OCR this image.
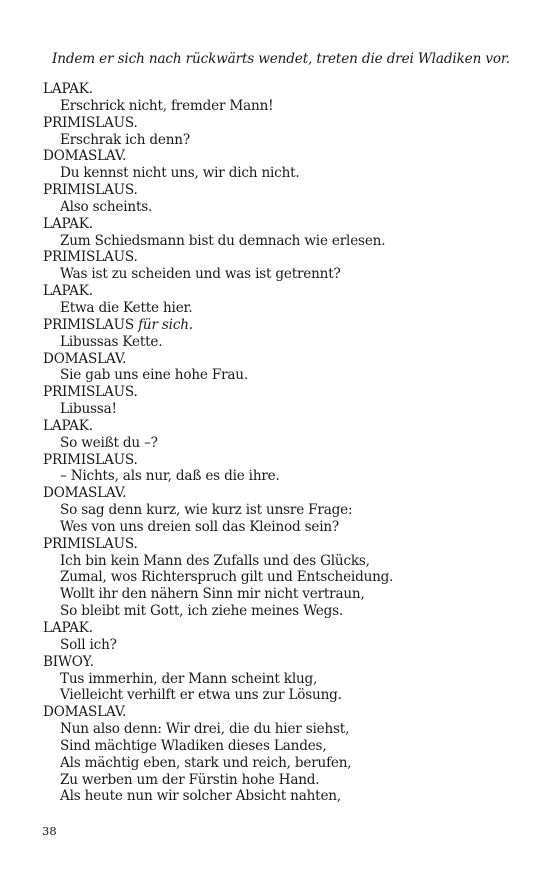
Indem er sich nach rückwärts wendet, treten die drei Wladiken vor.
LAPAK.
Erschrick nicht, fremder Mann!
PRIMISLAUS.
Erschrak ich denn?
DOMASLAV.
Du kennst nicht uns, wir dich nicht.
PRIMISLAUS.
Also scheints.
LAPAK.
Zum Schiedsmann bist du demnach wie erlesen.
PRIMISLAUS.
Was ist zu scheiden und was ist getrennt?
LAPAK.
Etwa die Kette hier.
PRIMISLAUS für sich.
Libussas Kette.
DOMASLAV.
Sie gab uns eine hohe Frau.
PRIMISLAUS.
Libussa!
LAPAK.
So weißt du –?
PRIMISLAUS.
– Nichts, als nur, daß es die ihre.
DOMASLAV.
So sag denn kurz, wie kurz ist unsre Frage:
Wes von uns dreien soll das Kleinod sein?
PRIMISLAUS.
Ich bin kein Mann des Zufalls und des Glücks,
Zumal, wos Richterspruch gilt und Entscheidung.
Wollt ihr den nähern Sinn mir nicht vertraun,
So bleibt mit Gott, ich ziehe meines Wegs.
LAPAK.
Soll ich?
BIWOY.
Tus immerhin, der Mann scheint klug,
Vielleicht verhilft er etwa uns zur Lösung.
DOMASLAV.
Nun also denn: Wir drei, die du hier siehst,
Sind mächtige Wladiken dieses Landes,
Als mächtig eben, stark und reich, berufen,
Zu werben um der Fürstin hohe Hand.
Als heute nun wir solcher Absicht nahten,
38
